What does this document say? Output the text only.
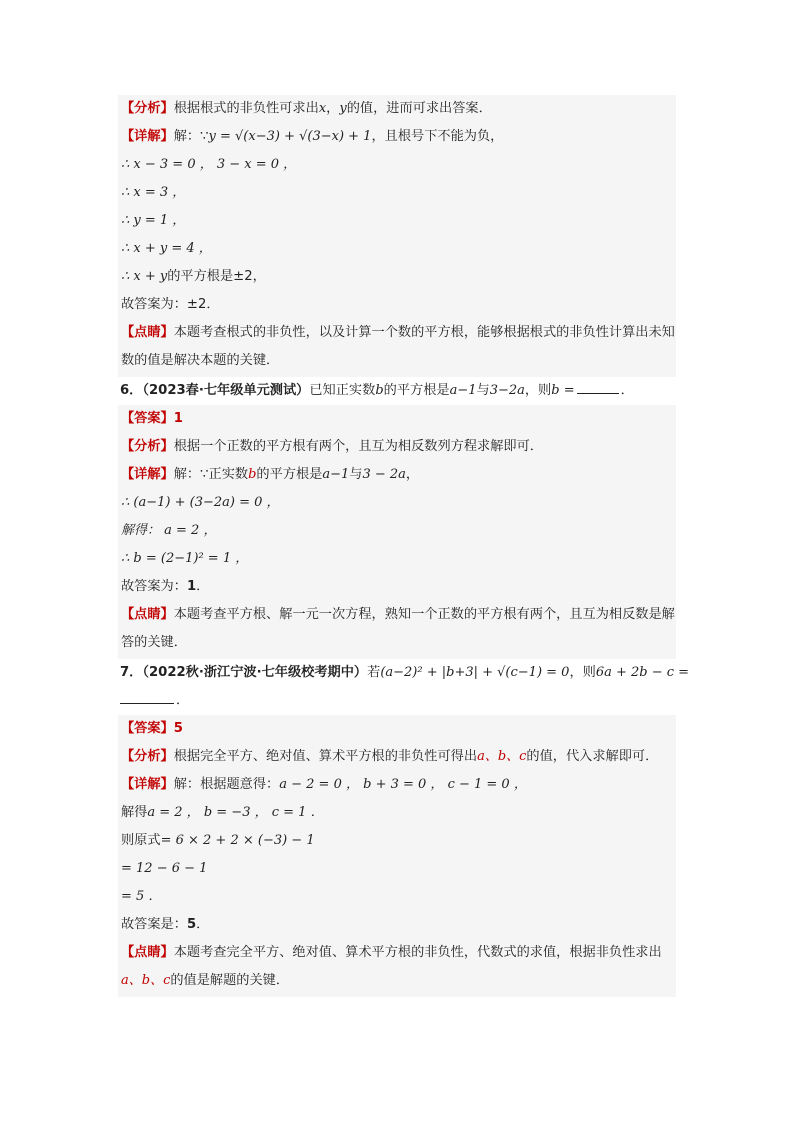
【分析】根据根式的非负性可求出x，y的值，进而可求出答案．
【详解】解：∵y = √(x−3) + √(3−x) + 1，且根号下不能为负，
∴ x − 3 = 0 ， 3 − x = 0 ，
∴ x = 3 ，
∴ y = 1 ，
∴ x + y = 4 ，
∴ x + y的平方根是±2，
故答案为：±2．
【点睛】本题考查根式的非负性，以及计算一个数的平方根，能够根据根式的非负性计算出未知数的值是解决本题的关键．
6．（2023春·七年级单元测试）已知正实数b的平方根是a−1与3−2a，则b =	．
【答案】1
【分析】根据一个正数的平方根有两个，且互为相反数列方程求解即可．
【详解】解：∵正实数b的平方根是a−1与3 − 2a，
∴ (a−1) + (3−2a) = 0 ，
解得： a = 2 ，
∴ b = (2−1)² = 1 ，
故答案为：1．
【点睛】本题考查平方根、解一元一次方程，熟知一个正数的平方根有两个，且互为相反数是解答的关键．
7．（2022秋·浙江宁波·七年级校考期中）若(a−2)² + |b+3| + √(c−1) = 0，则6a + 2b − c =
．
【答案】5
【分析】根据完全平方、绝对值、算术平方根的非负性可得出a、b、c的值，代入求解即可．
【详解】解：根据题意得：a − 2 = 0 ， b + 3 = 0 ， c − 1 = 0 ，
解得a = 2 ， b = −3 ， c = 1 ．
则原式= 6 × 2 + 2 × (−3) − 1
= 12 − 6 − 1
= 5 ．
故答案是：5．
【点睛】本题考查完全平方、绝对值、算术平方根的非负性，代数式的求值，根据非负性求出a、b、c的值是解题的关键．
